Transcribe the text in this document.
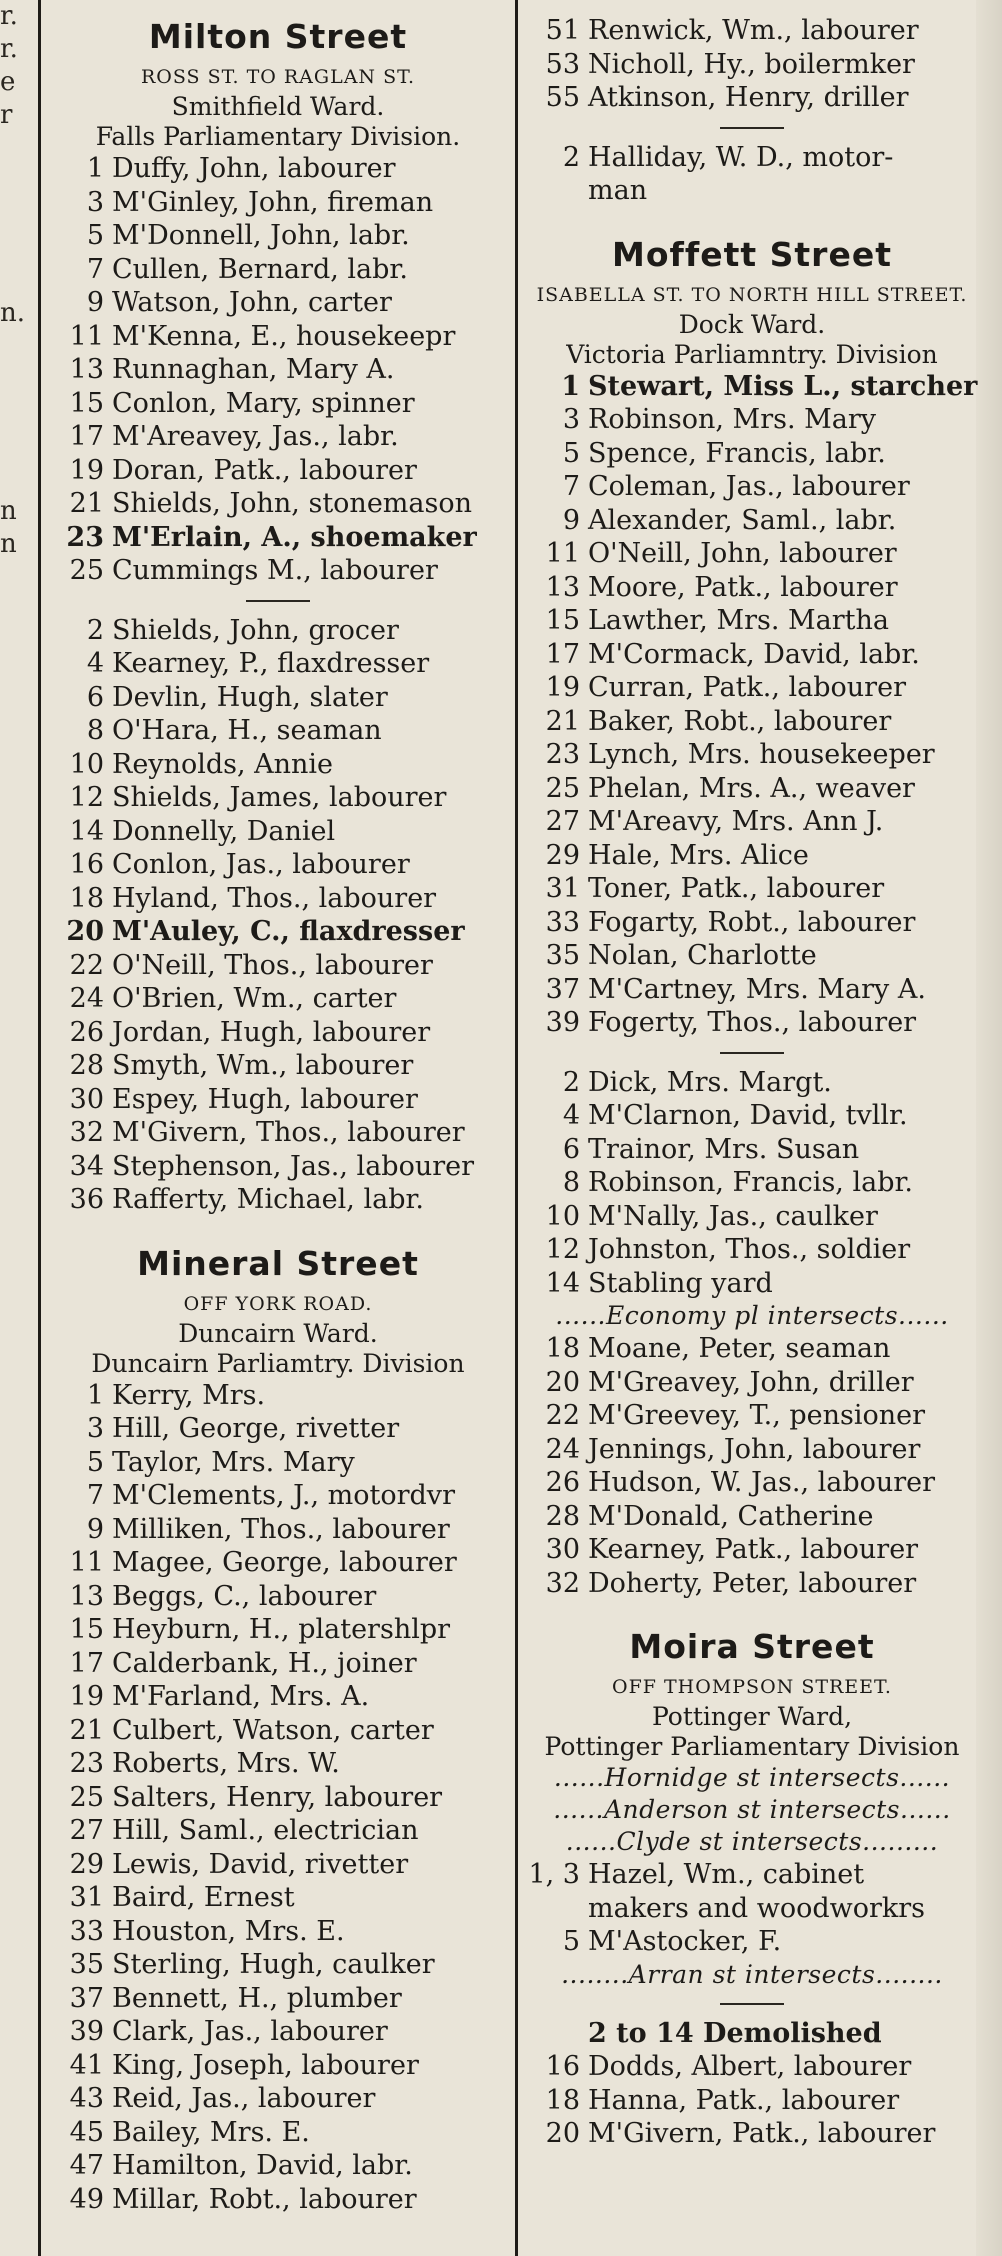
r.
r.
e
r
n.
n
n
Milton Street
ROSS ST. TO RAGLAN ST.
Smithfield Ward.
Falls Parliamentary Division.
1 Duffy, John, labourer
3 M'Ginley, John, fireman
5 M'Donnell, John, labr.
7 Cullen, Bernard, labr.
9 Watson, John, carter
11 M'Kenna, E., housekeepr
13 Runnaghan, Mary A.
15 Conlon, Mary, spinner
17 M'Areavey, Jas., labr.
19 Doran, Patk., labourer
21 Shields, John, stonemason
23 M'Erlain, A., shoemaker
25 Cummings M., labourer
2 Shields, John, grocer
4 Kearney, P., flaxdresser
6 Devlin, Hugh, slater
8 O'Hara, H., seaman
10 Reynolds, Annie
12 Shields, James, labourer
14 Donnelly, Daniel
16 Conlon, Jas., labourer
18 Hyland, Thos., labourer
20 M'Auley, C., flaxdresser
22 O'Neill, Thos., labourer
24 O'Brien, Wm., carter
26 Jordan, Hugh, labourer
28 Smyth, Wm., labourer
30 Espey, Hugh, labourer
32 M'Givern, Thos., labourer
34 Stephenson, Jas., labourer
36 Rafferty, Michael, labr.
Mineral Street
OFF YORK ROAD.
Duncairn Ward.
Duncairn Parliamtry. Division
1 Kerry, Mrs.
3 Hill, George, rivetter
5 Taylor, Mrs. Mary
7 M'Clements, J., motordvr
9 Milliken, Thos., labourer
11 Magee, George, labourer
13 Beggs, C., labourer
15 Heyburn, H., platershlpr
17 Calderbank, H., joiner
19 M'Farland, Mrs. A.
21 Culbert, Watson, carter
23 Roberts, Mrs. W.
25 Salters, Henry, labourer
27 Hill, Saml., electrician
29 Lewis, David, rivetter
31 Baird, Ernest
33 Houston, Mrs. E.
35 Sterling, Hugh, caulker
37 Bennett, H., plumber
39 Clark, Jas., labourer
41 King, Joseph, labourer
43 Reid, Jas., labourer
45 Bailey, Mrs. E.
47 Hamilton, David, labr.
49 Millar, Robt., labourer
51 Renwick, Wm., labourer
53 Nicholl, Hy., boilermker
55 Atkinson, Henry, driller
2 Halliday, W. D., motor-
man
Moffett Street
ISABELLA ST. TO NORTH HILL STREET.
Dock Ward.
Victoria Parliamntry. Division
1 Stewart, Miss L., starcher
3 Robinson, Mrs. Mary
5 Spence, Francis, labr.
7 Coleman, Jas., labourer
9 Alexander, Saml., labr.
11 O'Neill, John, labourer
13 Moore, Patk., labourer
15 Lawther, Mrs. Martha
17 M'Cormack, David, labr.
19 Curran, Patk., labourer
21 Baker, Robt., labourer
23 Lynch, Mrs. housekeeper
25 Phelan, Mrs. A., weaver
27 M'Areavy, Mrs. Ann J.
29 Hale, Mrs. Alice
31 Toner, Patk., labourer
33 Fogarty, Robt., labourer
35 Nolan, Charlotte
37 M'Cartney, Mrs. Mary A.
39 Fogerty, Thos., labourer
2 Dick, Mrs. Margt.
4 M'Clarnon, David, tvllr.
6 Trainor, Mrs. Susan
8 Robinson, Francis, labr.
10 M'Nally, Jas., caulker
12 Johnston, Thos., soldier
14 Stabling yard
......Economy pl intersects......
18 Moane, Peter, seaman
20 M'Greavey, John, driller
22 M'Greevey, T., pensioner
24 Jennings, John, labourer
26 Hudson, W. Jas., labourer
28 M'Donald, Catherine
30 Kearney, Patk., labourer
32 Doherty, Peter, labourer
Moira Street
OFF THOMPSON STREET.
Pottinger Ward,
Pottinger Parliamentary Division
......Hornidge st intersects......
......Anderson st intersects......
......Clyde st intersects.........
1, 3 Hazel, Wm., cabinet
makers and woodworkrs
5 M'Astocker, F.
........Arran st intersects........
2 to 14 Demolished
16 Dodds, Albert, labourer
18 Hanna, Patk., labourer
20 M'Givern, Patk., labourer
